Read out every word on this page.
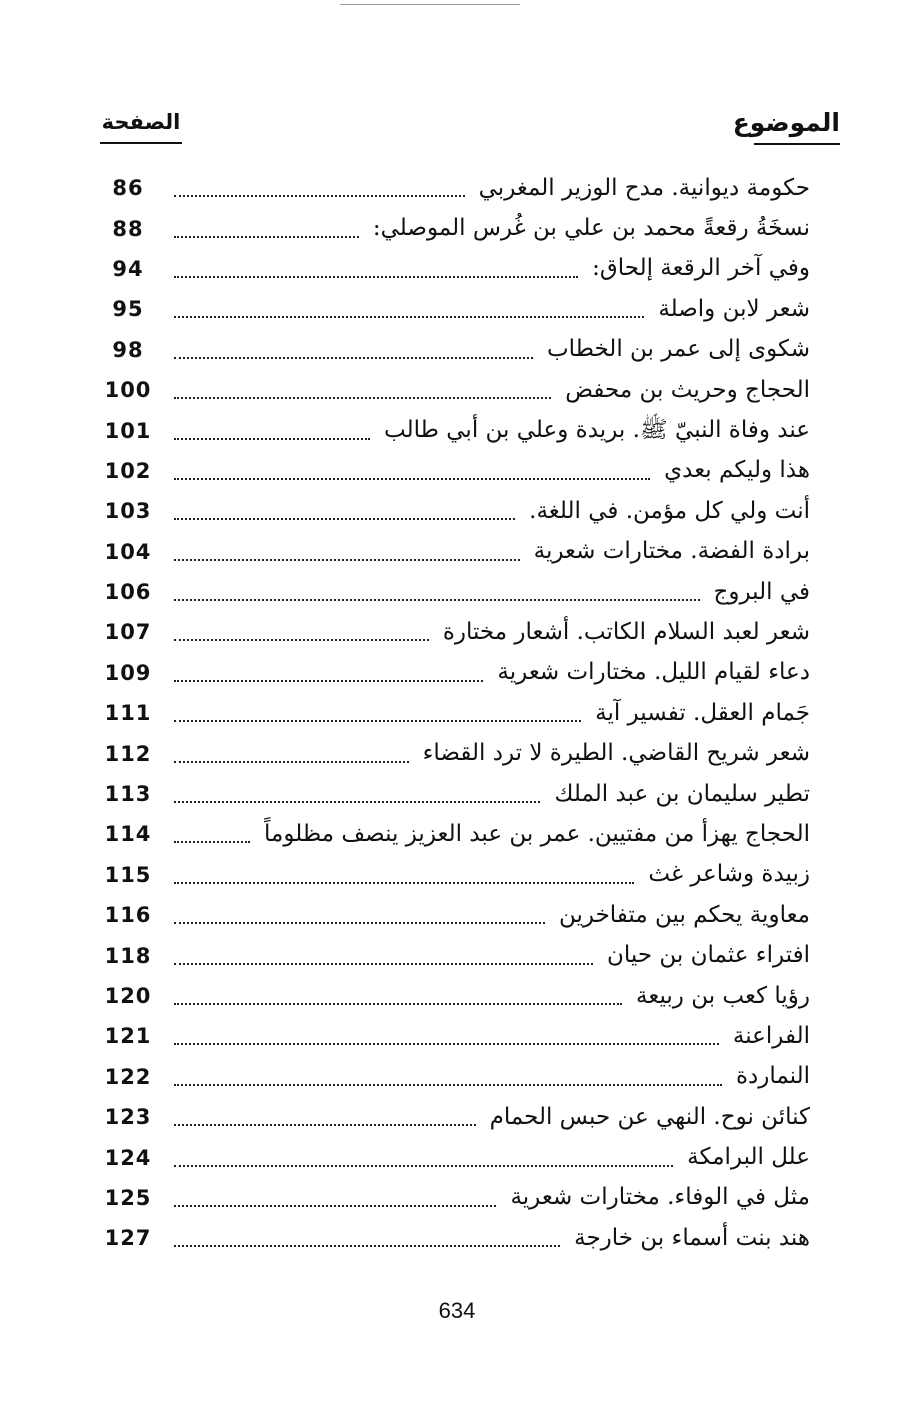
الموضوع
الصفحة
حكومة ديوانية. مدح الوزير المغربي
86
نسخَةُ رقعةً محمد بن علي بن غُرس الموصلي:
88
وفي آخر الرقعة إلحاق:
94
شعر لابن واصلة
95
شكوى إلى عمر بن الخطاب
98
الحجاج وحريث بن محفض
100
عند وفاة النبيّ ﷺ. بريدة وعلي بن أبي طالب
101
هذا وليكم بعدي
102
أنت ولي كل مؤمن. في اللغة.
103
برادة الفضة. مختارات شعرية
104
في البروج
106
شعر لعبد السلام الكاتب. أشعار مختارة
107
دعاء لقيام الليل. مختارات شعرية
109
جَمام العقل. تفسير آية
111
شعر شريح القاضي. الطيرة لا ترد القضاء
112
تطير سليمان بن عبد الملك
113
الحجاج يهزأ من مفتيين. عمر بن عبد العزيز ينصف مظلوماً
114
زبيدة وشاعر غث
115
معاوية يحكم بين متفاخرين
116
افتراء عثمان بن حيان
118
رؤيا كعب بن ربيعة
120
الفراعنة
121
النماردة
122
كنائن نوح. النهي عن حبس الحمام
123
علل البرامكة
124
مثل في الوفاء. مختارات شعرية
125
هند بنت أسماء بن خارجة
127
634
